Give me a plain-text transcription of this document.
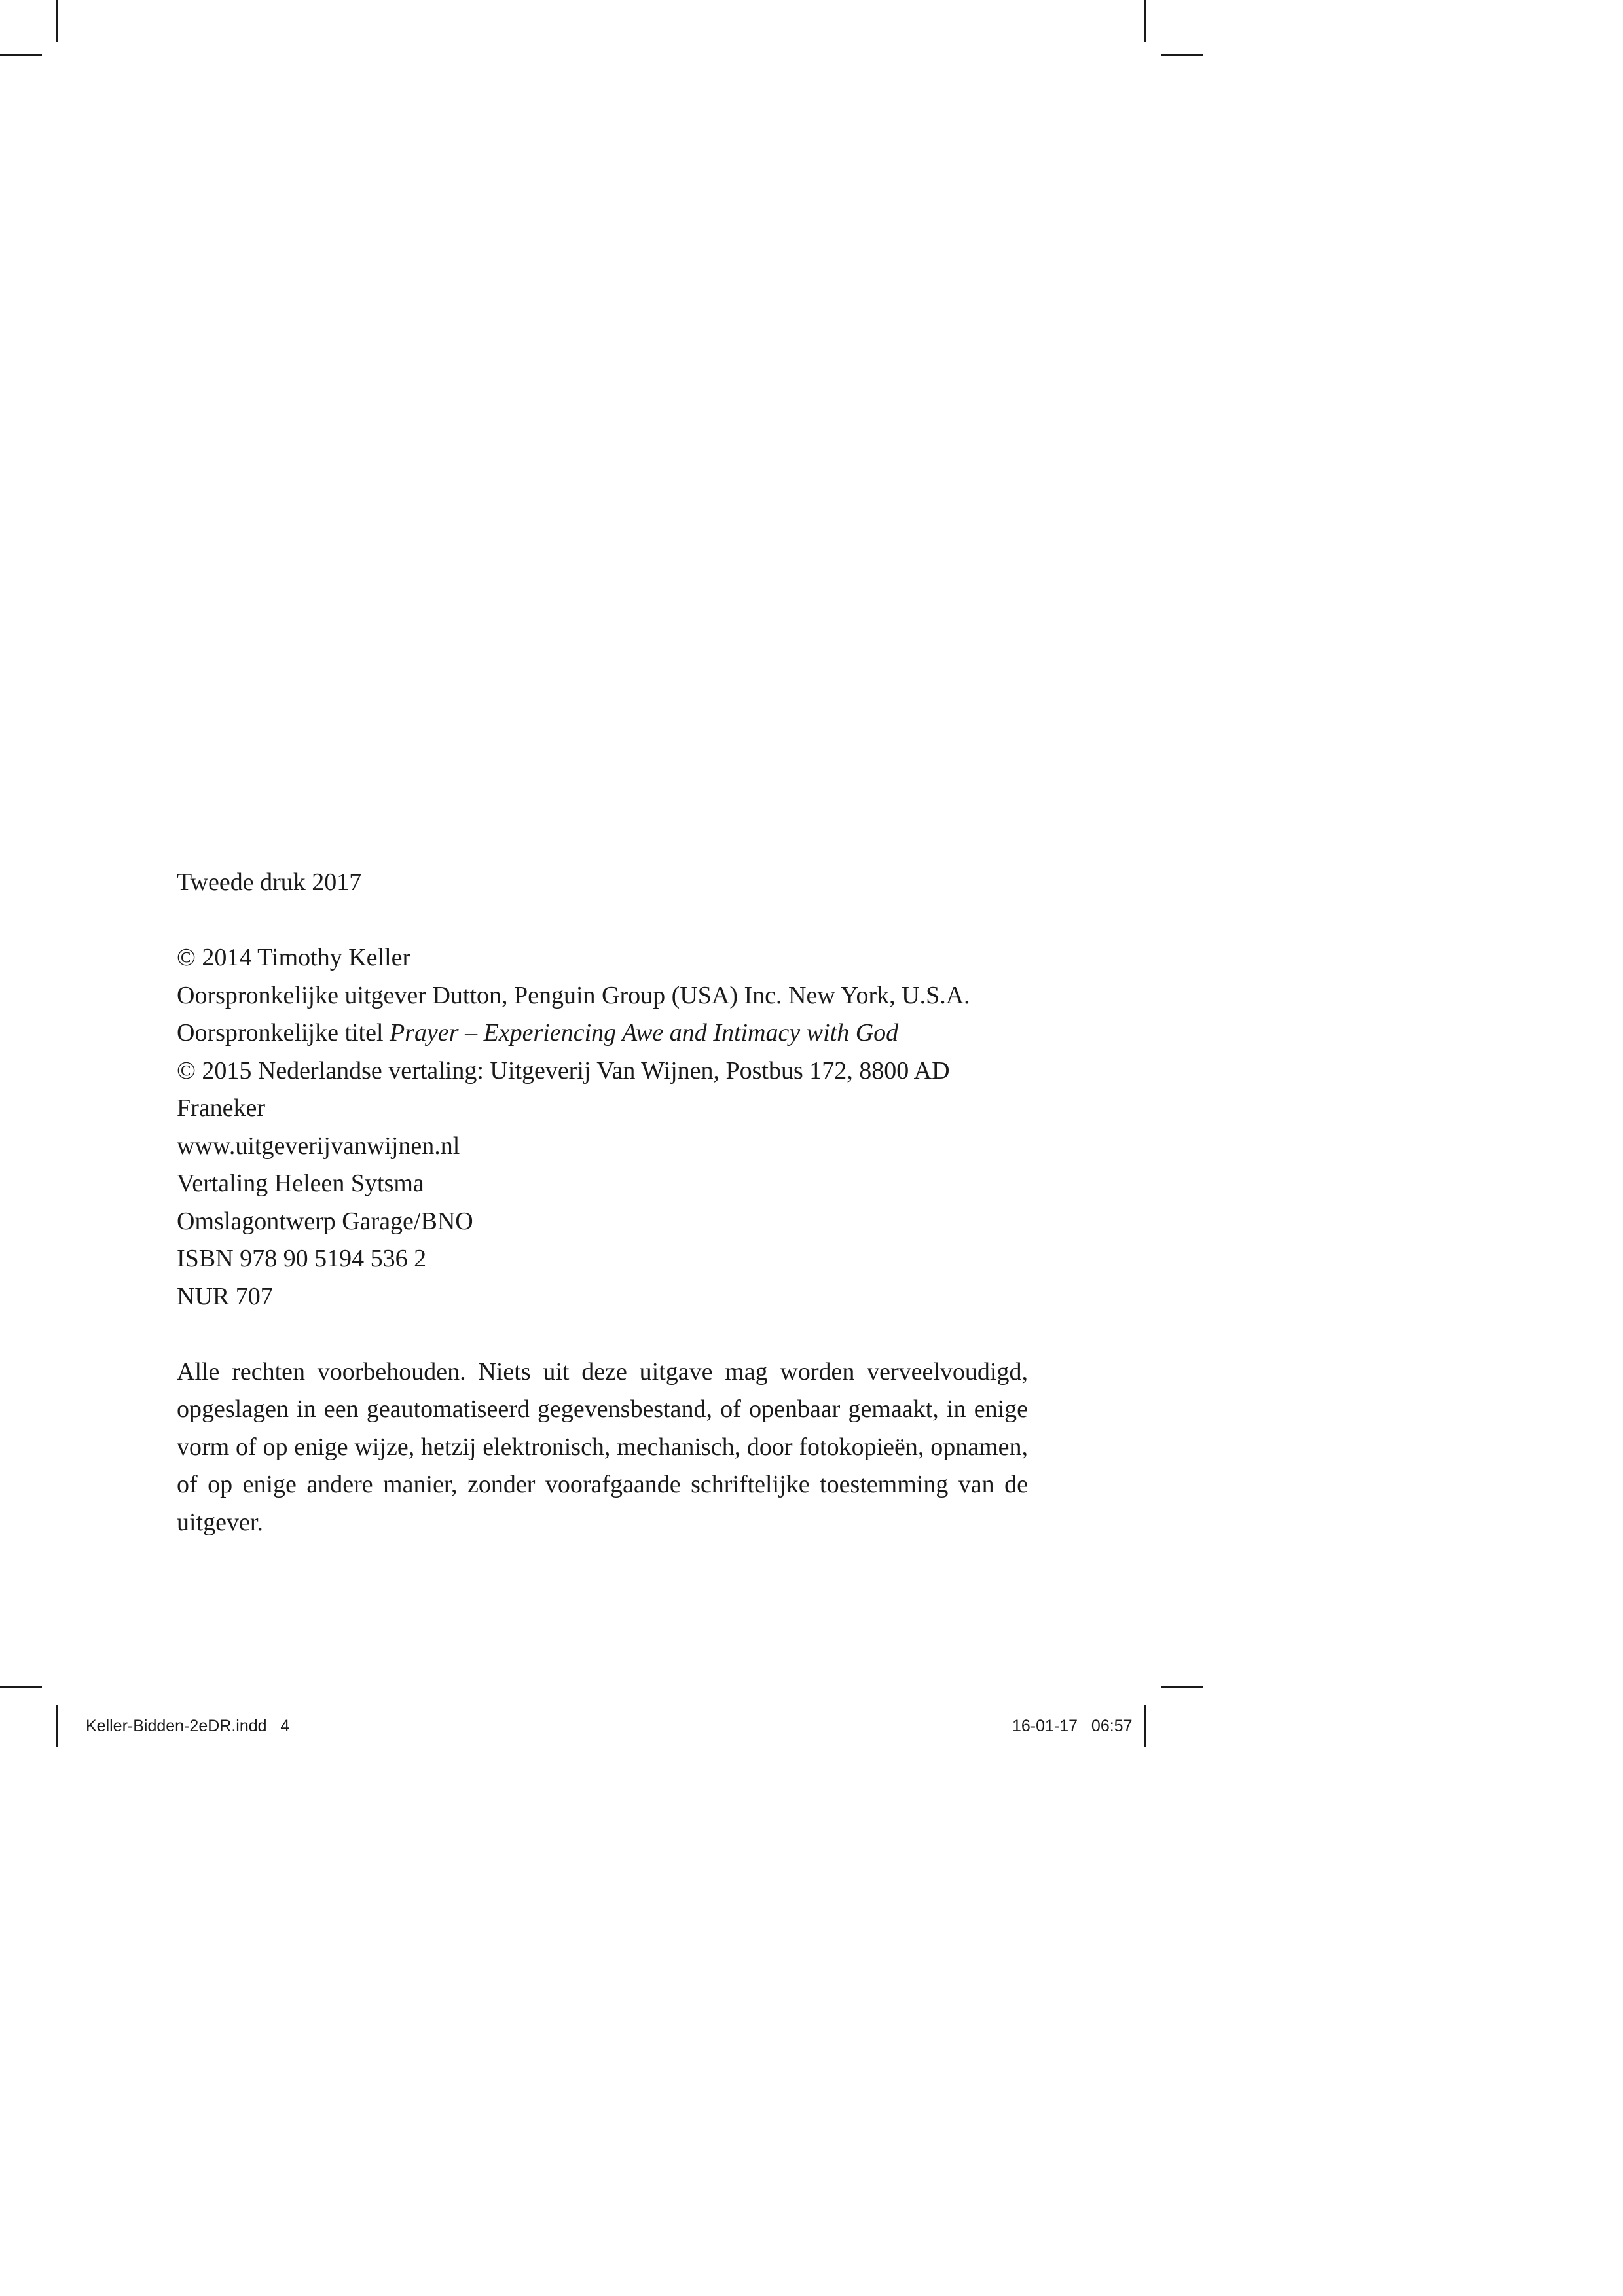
Tweede druk 2017

© 2014 Timothy Keller

Oorspronkelijke uitgever Dutton, Penguin Group (USA) Inc. New York, U.S.A.

Oorspronkelijke titel Prayer – Experiencing Awe and Intimacy with God

© 2015 Nederlandse vertaling: Uitgeverij Van Wijnen, Postbus 172, 8800 AD Franeker

www.uitgeverijvanwijnen.nl

Vertaling Heleen Sytsma

Omslagontwerp Garage/BNO

ISBN 978 90 5194 536 2

NUR 707

Alle rechten voorbehouden. Niets uit deze uitgave mag worden verveelvoudigd, opgeslagen in een geautomatiseerd gegevensbestand, of openbaar gemaakt, in enige vorm of op enige wijze, hetzij elektronisch, mechanisch, door fotokopieën, opnamen, of op enige andere manier, zonder voorafgaande schriftelijke toestemming van de uitgever.

Keller-Bidden-2eDR.indd   4	16-01-17   06:57
